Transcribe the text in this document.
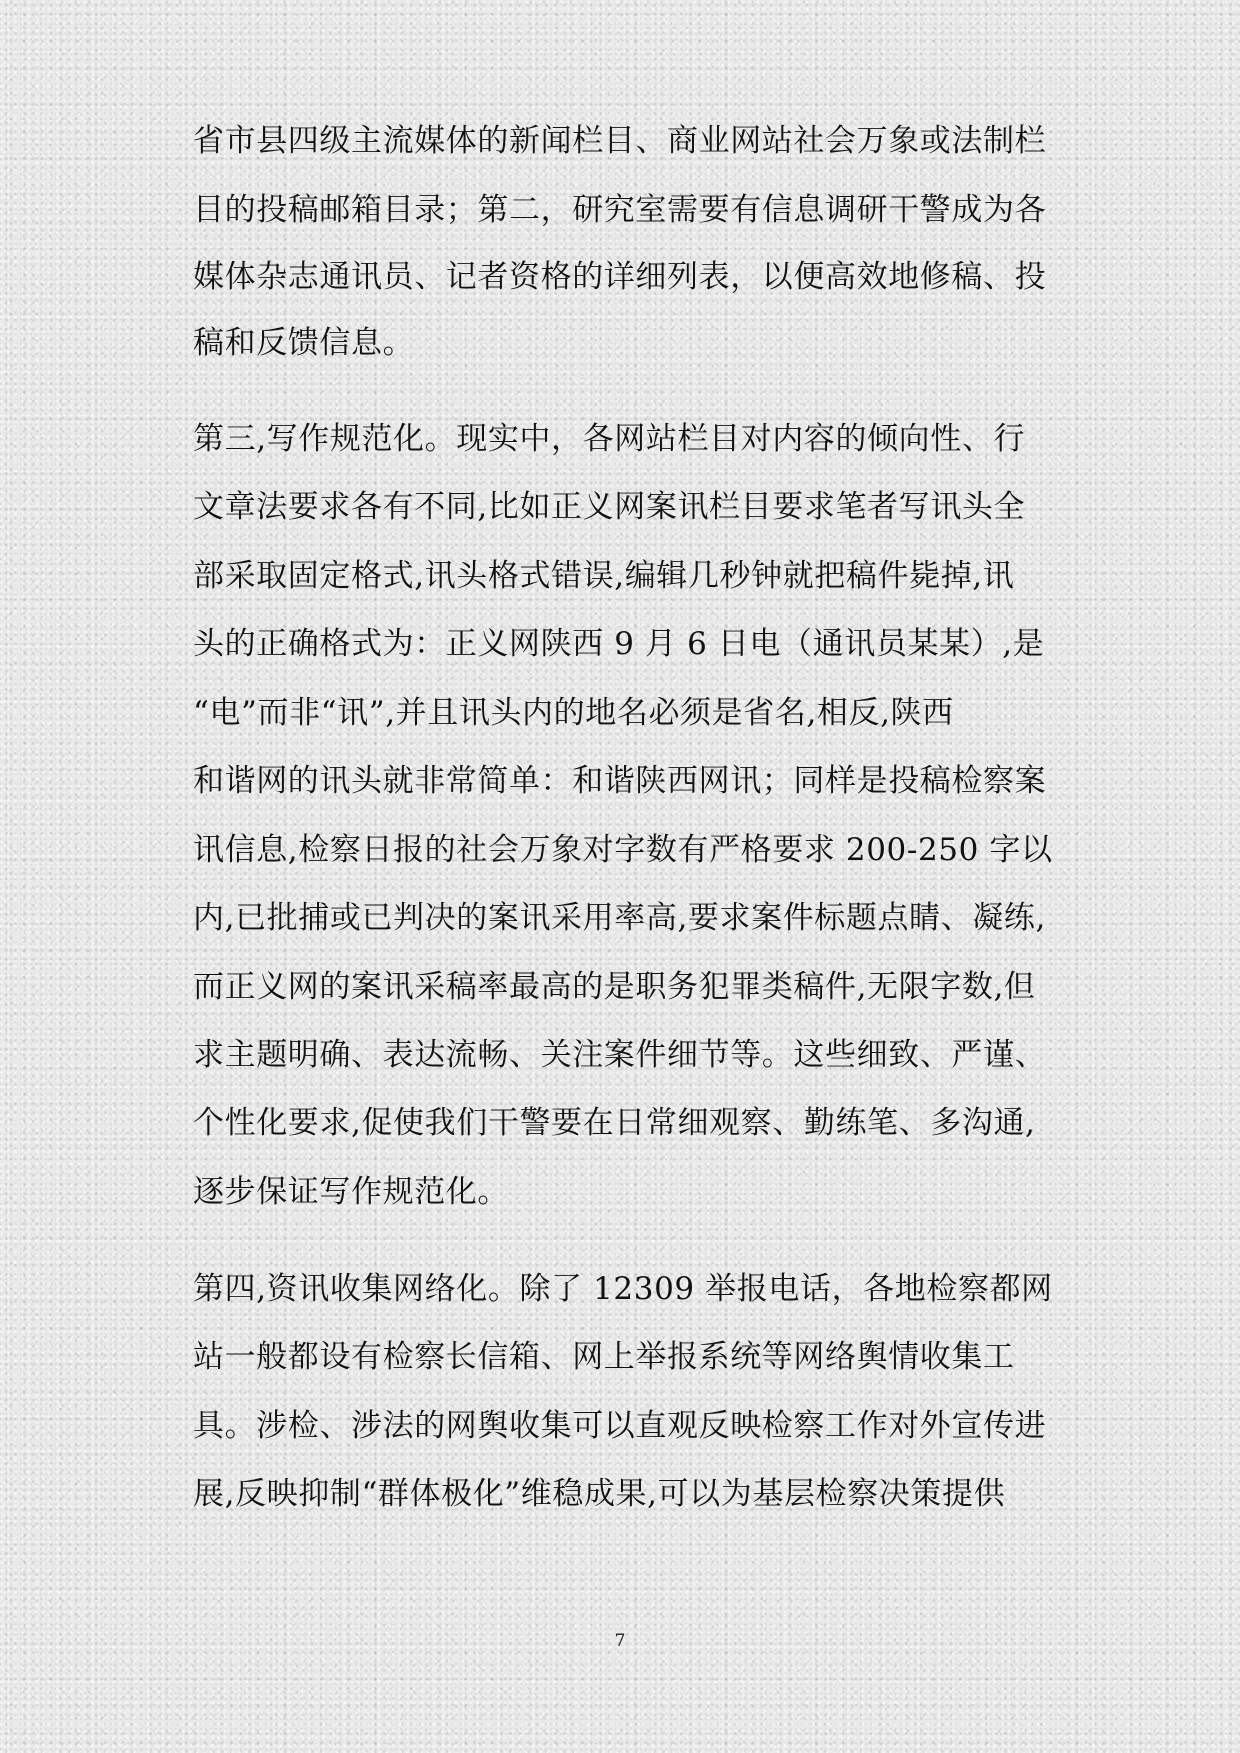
省市县四级主流媒体的新闻栏目、商业网站社会万象或法制栏

目的投稿邮箱目录；第二，研究室需要有信息调研干警成为各

媒体杂志通讯员、记者资格的详细列表，以便高效地修稿、投

稿和反馈信息。

第三,写作规范化。现实中，各网站栏目对内容的倾向性、行

文章法要求各有不同,比如正义网案讯栏目要求笔者写讯头全

部采取固定格式,讯头格式错误,编辑几秒钟就把稿件毙掉,讯

头的正确格式为：正义网陕西 9 月 6 日电（通讯员某某）,是

“电”而非“讯”,并且讯头内的地名必须是省名,相反,陕西

和谐网的讯头就非常简单：和谐陕西网讯；同样是投稿检察案

讯信息,检察日报的社会万象对字数有严格要求 200-250 字以

内,已批捕或已判决的案讯采用率高,要求案件标题点睛、凝练,

而正义网的案讯采稿率最高的是职务犯罪类稿件,无限字数,但

求主题明确、表达流畅、关注案件细节等。这些细致、严谨、

个性化要求,促使我们干警要在日常细观察、勤练笔、多沟通,

逐步保证写作规范化。

第四,资讯收集网络化。除了 12309 举报电话，各地检察都网

站一般都设有检察长信箱、网上举报系统等网络舆情收集工

具。涉检、涉法的网舆收集可以直观反映检察工作对外宣传进

展,反映抑制“群体极化”维稳成果,可以为基层检察决策提供

7
